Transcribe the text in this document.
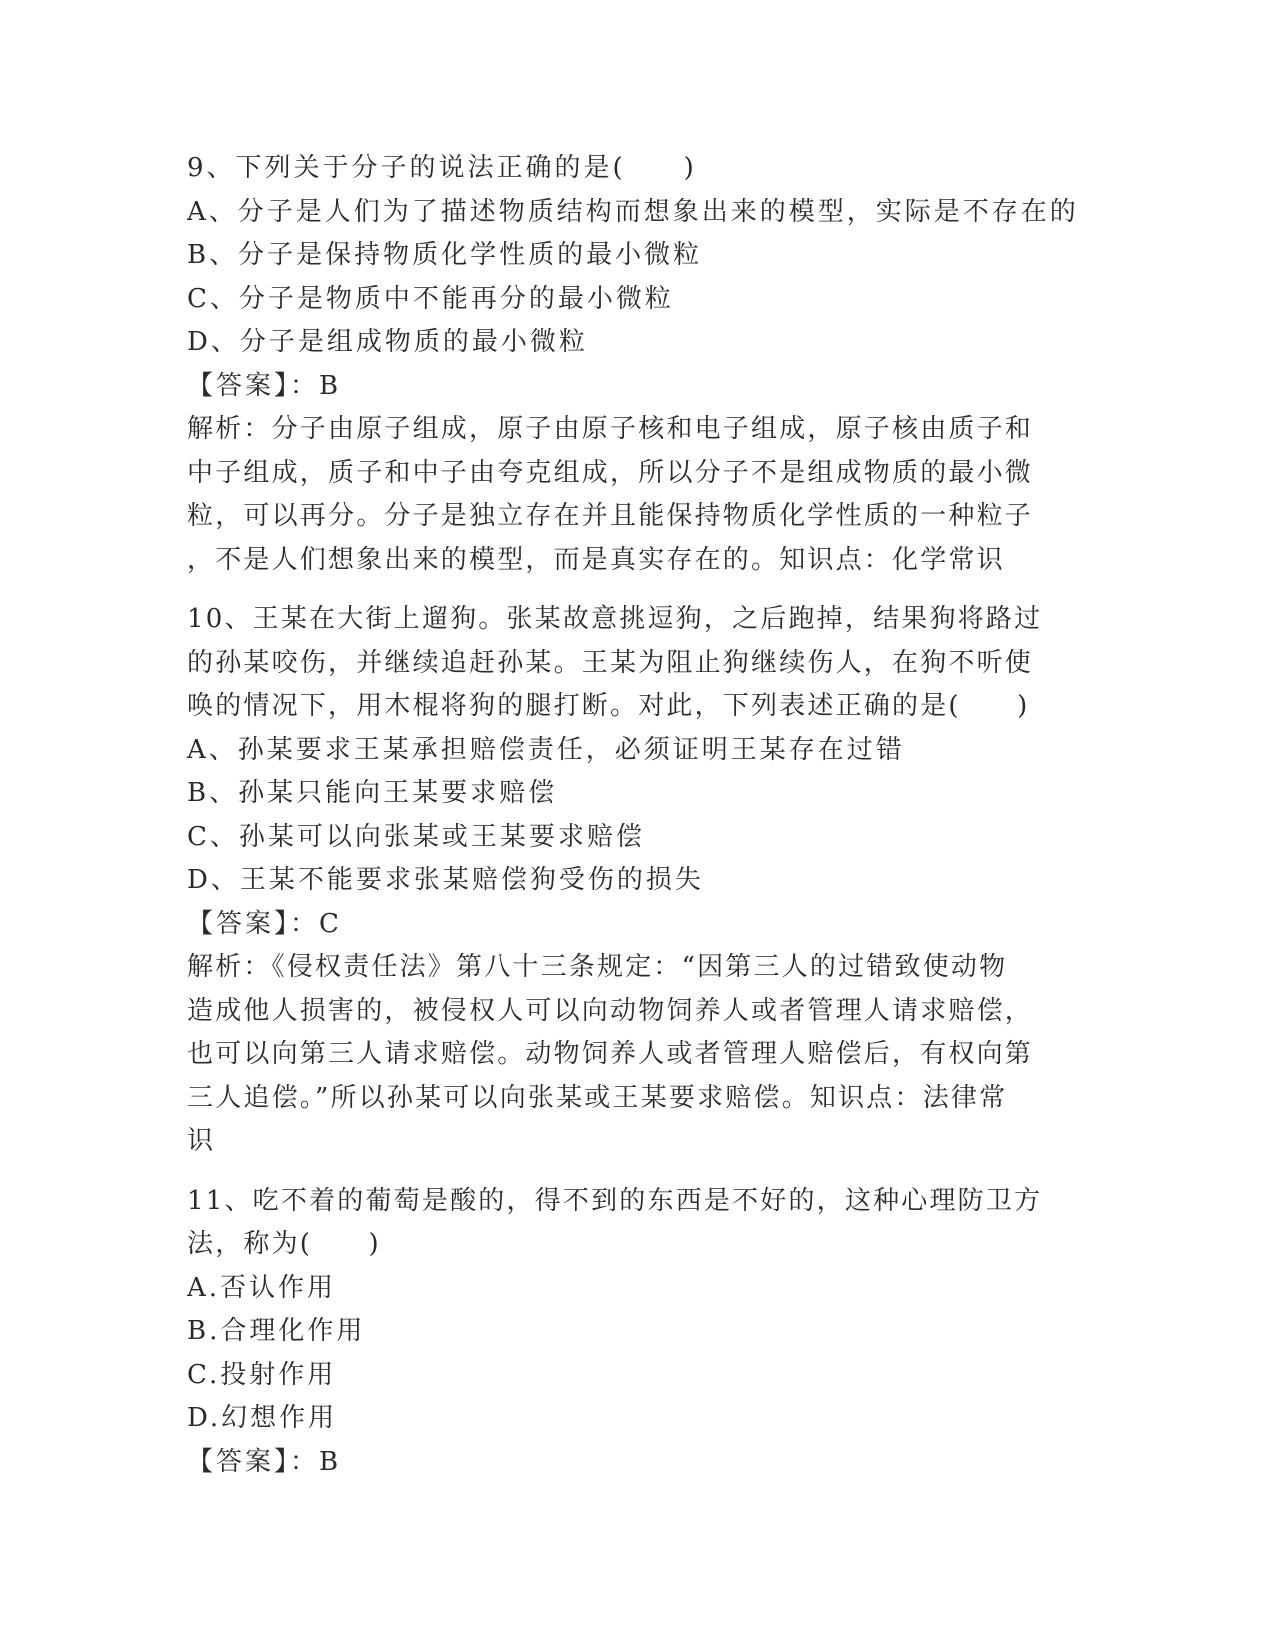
9、下列关于分子的说法正确的是(　　)
A、分子是人们为了描述物质结构而想象出来的模型，实际是不存在的
B、分子是保持物质化学性质的最小微粒
C、分子是物质中不能再分的最小微粒
D、分子是组成物质的最小微粒
【答案】：B
解析：分子由原子组成，原子由原子核和电子组成，原子核由质子和
中子组成，质子和中子由夸克组成，所以分子不是组成物质的最小微
粒，可以再分。分子是独立存在并且能保持物质化学性质的一种粒子
，不是人们想象出来的模型，而是真实存在的。知识点：化学常识
10、王某在大街上遛狗。张某故意挑逗狗，之后跑掉，结果狗将路过
的孙某咬伤，并继续追赶孙某。王某为阻止狗继续伤人，在狗不听使
唤的情况下，用木棍将狗的腿打断。对此，下列表述正确的是(　　)
A、孙某要求王某承担赔偿责任，必须证明王某存在过错
B、孙某只能向王某要求赔偿
C、孙某可以向张某或王某要求赔偿
D、王某不能要求张某赔偿狗受伤的损失
【答案】：C
解析：《侵权责任法》第八十三条规定：“因第三人的过错致使动物
造成他人损害的，被侵权人可以向动物饲养人或者管理人请求赔偿，
也可以向第三人请求赔偿。动物饲养人或者管理人赔偿后，有权向第
三人追偿。”所以孙某可以向张某或王某要求赔偿。知识点：法律常
识
11、吃不着的葡萄是酸的，得不到的东西是不好的，这种心理防卫方
法，称为(　　)
A.否认作用
B.合理化作用
C.投射作用
D.幻想作用
【答案】：B
